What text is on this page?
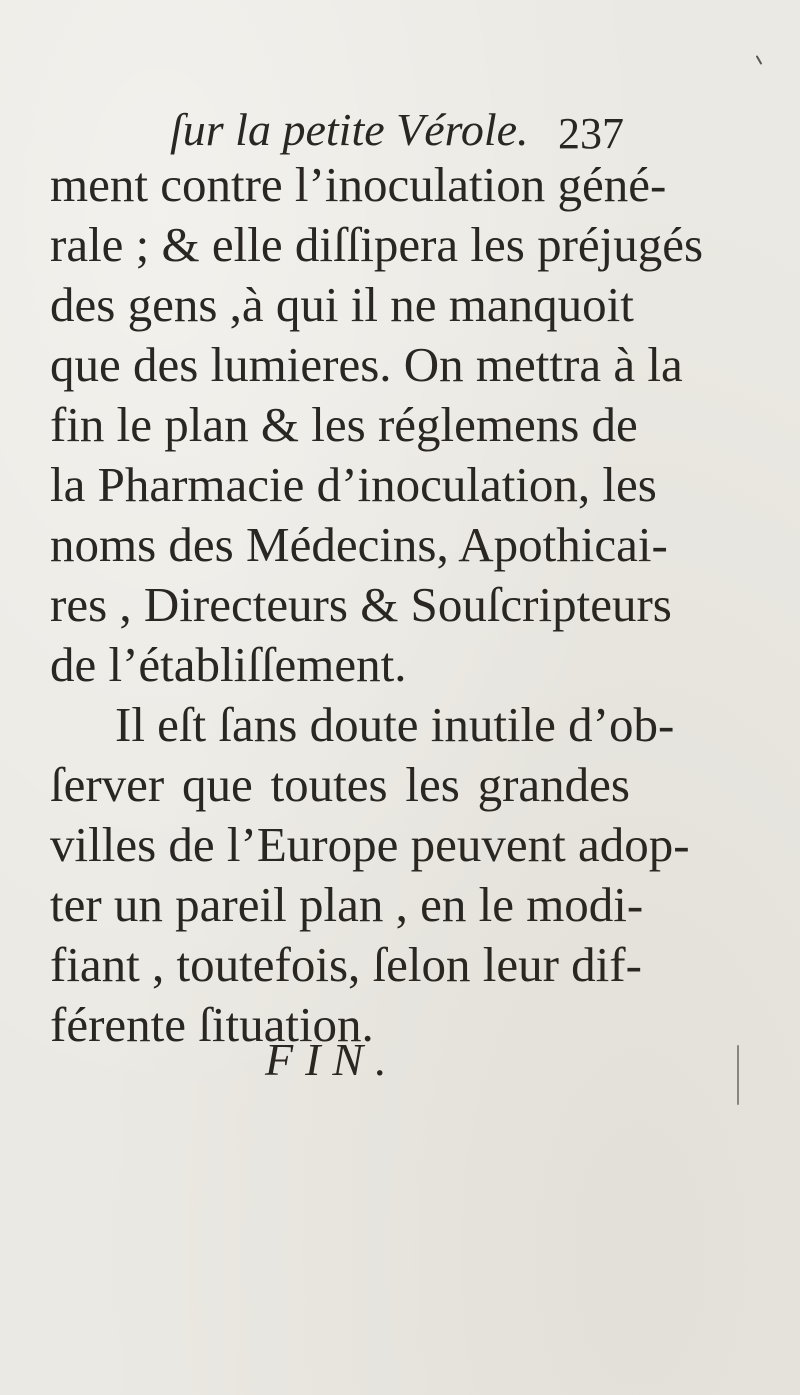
ſur la petite Vérole. 237
ment contre l’inoculation géné-
rale ; & elle diſſipera les préjugés
des gens ,à qui il ne manquoit
que des lumieres. On mettra à la
fin le plan & les réglemens de
la Pharmacie d’inoculation, les
noms des Médecins, Apothicai-
res , Directeurs & Souſcripteurs
de l’établiſſement.
Il eſt ſans doute inutile d’ob-
ſerver que toutes les grandes
villes de l’Europe peuvent adop-
ter un pareil plan , en le modi-
fiant , toutefois, ſelon leur dif-
férente ſituation.
FIN.
